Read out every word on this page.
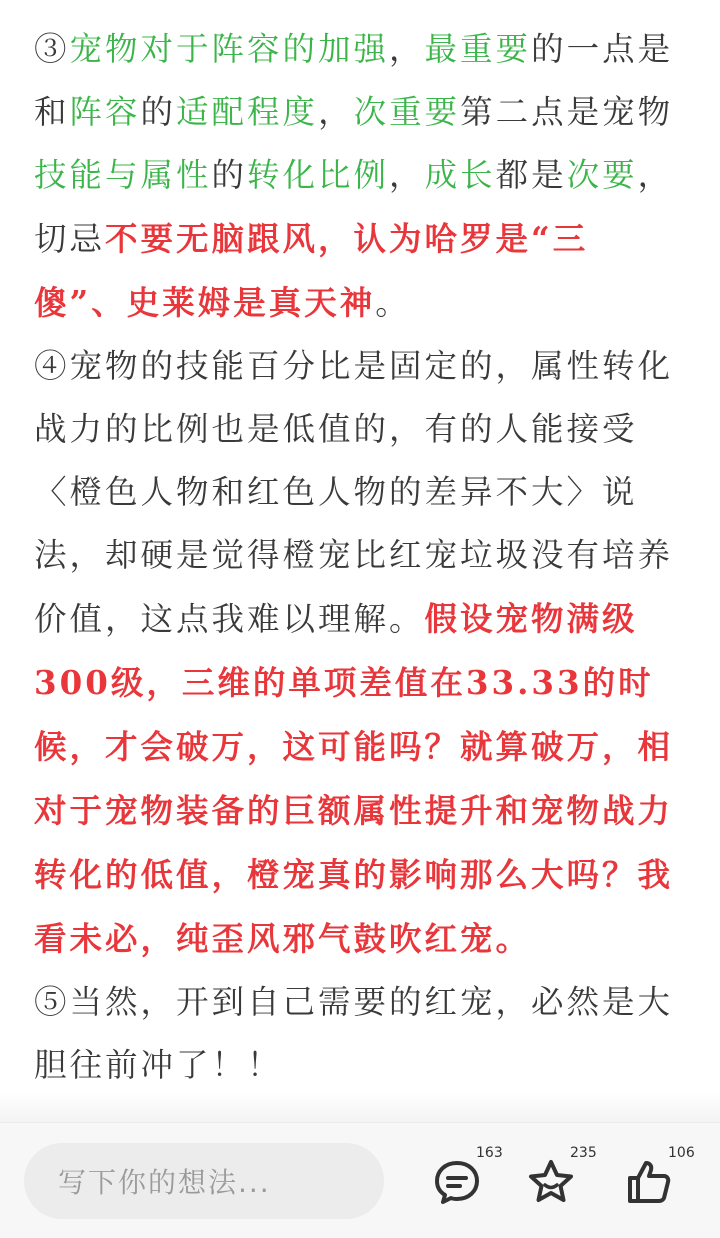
③宠物对于阵容的加强，最重要的一点是和阵容的适配程度，次重要第二点是宠物技能与属性的转化比例，成长都是次要，切忌不要无脑跟风，认为哈罗是“三傻”、史莱姆是真天神。

④宠物的技能百分比是固定的，属性转化战力的比例也是低值的，有的人能接受〈橙色人物和红色人物的差异不大〉说法，却硬是觉得橙宠比红宠垃圾没有培养价值，这点我难以理解。假设宠物满级300级，三维的单项差值在33.33的时候，才会破万，这可能吗？就算破万，相对于宠物装备的巨额属性提升和宠物战力转化的低值，橙宠真的影响那么大吗？我看未必，纯歪风邪气鼓吹红宠。

⑤当然，开到自己需要的红宠，必然是大胆往前冲了！！

写下你的想法...
163	235	106
